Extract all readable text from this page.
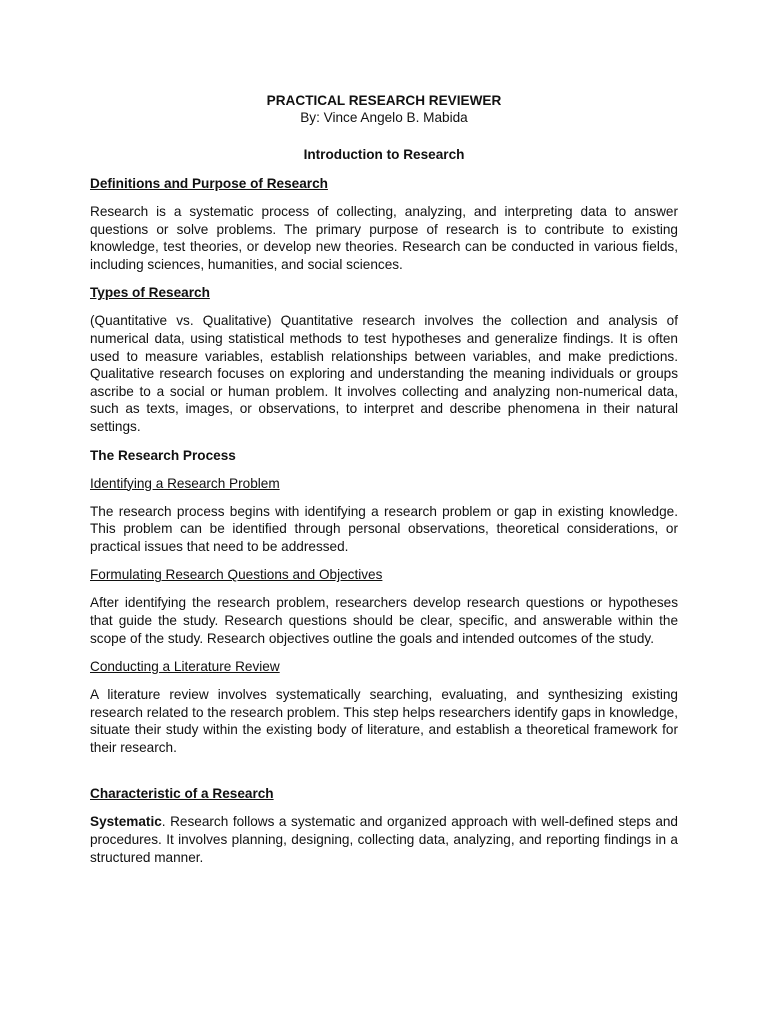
PRACTICAL RESEARCH REVIEWER
By: Vince Angelo B. Mabida
Introduction to Research
Definitions and Purpose of Research

Research is a systematic process of collecting, analyzing, and interpreting data to answer questions or solve problems. The primary purpose of research is to contribute to existing knowledge, test theories, or develop new theories. Research can be conducted in various fields, including sciences, humanities, and social sciences.

Types of Research

(Quantitative vs. Qualitative) Quantitative research involves the collection and analysis of numerical data, using statistical methods to test hypotheses and generalize findings. It is often used to measure variables, establish relationships between variables, and make predictions. Qualitative research focuses on exploring and understanding the meaning individuals or groups ascribe to a social or human problem. It involves collecting and analyzing non-numerical data, such as texts, images, or observations, to interpret and describe phenomena in their natural settings.

The Research Process
Identifying a Research Problem

The research process begins with identifying a research problem or gap in existing knowledge. This problem can be identified through personal observations, theoretical considerations, or practical issues that need to be addressed.

Formulating Research Questions and Objectives

After identifying the research problem, researchers develop research questions or hypotheses that guide the study. Research questions should be clear, specific, and answerable within the scope of the study. Research objectives outline the goals and intended outcomes of the study.

Conducting a Literature Review

A literature review involves systematically searching, evaluating, and synthesizing existing research related to the research problem. This step helps researchers identify gaps in knowledge, situate their study within the existing body of literature, and establish a theoretical framework for their research.

Characteristic of a Research

Systematic. Research follows a systematic and organized approach with well-defined steps and procedures. It involves planning, designing, collecting data, analyzing, and reporting findings in a structured manner.
